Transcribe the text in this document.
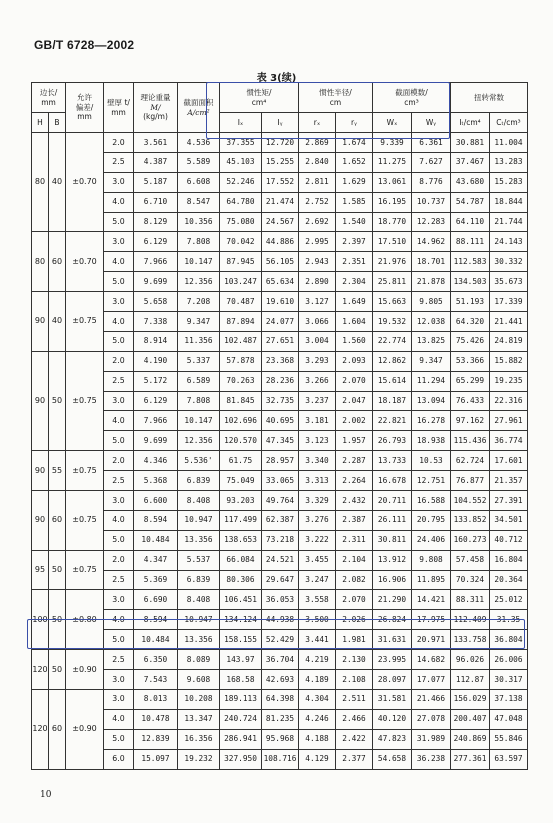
GB/T 6728—2002
表 3(续)
边长/
mm		允许
偏差/
mm	壁厚 t/
mm	理论重量
M/
(kg/m)	截面面积
A/cm²	惯性矩/
cm⁴		惯性半径/
cm		截面模数/
cm³		扭转常数	
H	B					Iₓ	Iᵧ	rₓ	rᵧ	Wₓ	Wᵧ	Iₜ/cm⁴	Cₜ/cm³
80	40	±0.70	2.0	3.561	4.536	37.355	12.720	2.869	1.674	9.339	6.361	30.881	11.004
			2.5	4.387	5.589	45.103	15.255	2.840	1.652	11.275	7.627	37.467	13.283
			3.0	5.187	6.608	52.246	17.552	2.811	1.629	13.061	8.776	43.680	15.283
			4.0	6.710	8.547	64.780	21.474	2.752	1.585	16.195	10.737	54.787	18.844
			5.0	8.129	10.356	75.080	24.567	2.692	1.540	18.770	12.283	64.110	21.744
80	60	±0.70	3.0	6.129	7.808	70.042	44.886	2.995	2.397	17.510	14.962	88.111	24.143
			4.0	7.966	10.147	87.945	56.105	2.943	2.351	21.976	18.701	112.583	30.332
			5.0	9.699	12.356	103.247	65.634	2.890	2.304	25.811	21.878	134.503	35.673
90	40	±0.75	3.0	5.658	7.208	70.487	19.610	3.127	1.649	15.663	9.805	51.193	17.339
			4.0	7.338	9.347	87.894	24.077	3.066	1.604	19.532	12.038	64.320	21.441
			5.0	8.914	11.356	102.487	27.651	3.004	1.560	22.774	13.825	75.426	24.819
90	50	±0.75	2.0	4.190	5.337	57.878	23.368	3.293	2.093	12.862	9.347	53.366	15.882
			2.5	5.172	6.589	70.263	28.236	3.266	2.070	15.614	11.294	65.299	19.235
			3.0	6.129	7.808	81.845	32.735	3.237	2.047	18.187	13.094	76.433	22.316
			4.0	7.966	10.147	102.696	40.695	3.181	2.002	22.821	16.278	97.162	27.961
			5.0	9.699	12.356	120.570	47.345	3.123	1.957	26.793	18.938	115.436	36.774
90	55	±0.75	2.0	4.346	5.536'	61.75	28.957	3.340	2.287	13.733	10.53	62.724	17.601
			2.5	5.368	6.839	75.049	33.065	3.313	2.264	16.678	12.751	76.877	21.357
90	60	±0.75	3.0	6.600	8.408	93.203	49.764	3.329	2.432	20.711	16.588	104.552	27.391
			4.0	8.594	10.947	117.499	62.387	3.276	2.387	26.111	20.795	133.852	34.501
			5.0	10.484	13.356	138.653	73.218	3.222	2.311	30.811	24.406	160.273	40.712
95	50	±0.75	2.0	4.347	5.537	66.084	24.521	3.455	2.104	13.912	9.808	57.458	16.804
			2.5	5.369	6.839	80.306	29.647	3.247	2.082	16.906	11.895	70.324	20.364
100	50	±0.80	3.0	6.690	8.408	106.451	36.053	3.558	2.070	21.290	14.421	88.311	25.012
			4.0	8.594	10.947	134.124	44.938	3.500	2.026	26.824	17.975	112.409	31.35
			5.0	10.484	13.356	158.155	52.429	3.441	1.981	31.631	20.971	133.758	36.804
120	50	±0.90	2.5	6.350	8.089	143.97	36.704	4.219	2.130	23.995	14.682	96.026	26.006
			3.0	7.543	9.608	168.58	42.693	4.189	2.108	28.097	17.077	112.87	30.317
120	60	±0.90	3.0	8.013	10.208	189.113	64.398	4.304	2.511	31.581	21.466	156.029	37.138
			4.0	10.478	13.347	240.724	81.235	4.246	2.466	40.120	27.078	200.407	47.048
			5.0	12.839	16.356	286.941	95.968	4.188	2.422	47.823	31.989	240.869	55.846
			6.0	15.097	19.232	327.950	108.716	4.129	2.377	54.658	36.238	277.361	63.597
10
